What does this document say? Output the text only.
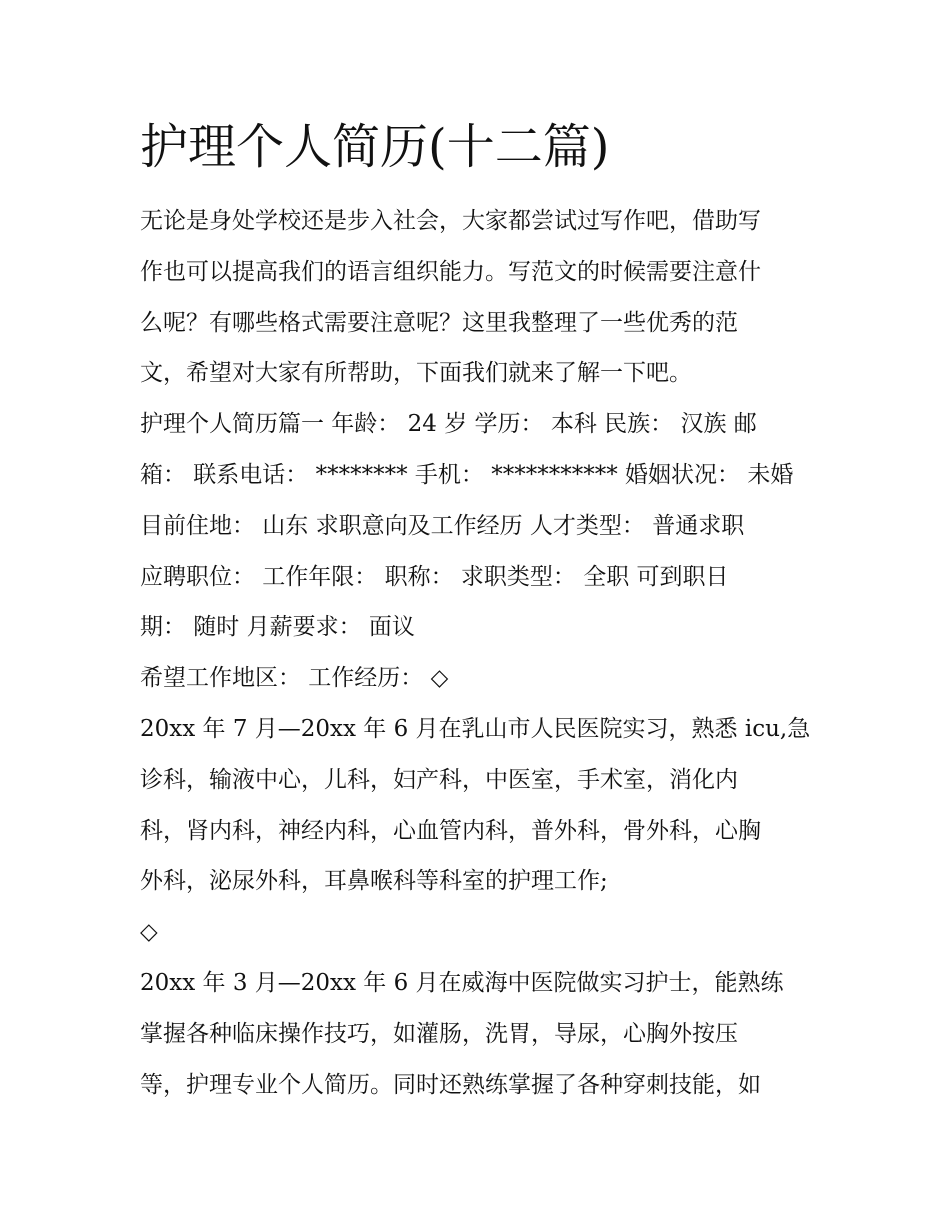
护理个人简历(十二篇)
无论是身处学校还是步入社会，大家都尝试过写作吧，借助写
作也可以提高我们的语言组织能力。写范文的时候需要注意什
么呢？有哪些格式需要注意呢？这里我整理了一些优秀的范
文，希望对大家有所帮助，下面我们就来了解一下吧。
护理个人简历篇一 年龄： 24 岁 学历： 本科 民族： 汉族 邮
箱： 联系电话： ******** 手机： *********** 婚姻状况： 未婚
目前住地： 山东 求职意向及工作经历 人才类型： 普通求职
应聘职位： 工作年限： 职称： 求职类型： 全职 可到职日
期： 随时 月薪要求： 面议
希望工作地区： 工作经历： ◇
20xx 年 7 月—20xx 年 6 月在乳山市人民医院实习，熟悉 icu,急
诊科，输液中心，儿科，妇产科，中医室，手术室，消化内
科，肾内科，神经内科，心血管内科，普外科，骨外科，心胸
外科，泌尿外科，耳鼻喉科等科室的护理工作;
◇
20xx 年 3 月—20xx 年 6 月在威海中医院做实习护士，能熟练
掌握各种临床操作技巧，如灌肠，洗胃，导尿，心胸外按压
等，护理专业个人简历。同时还熟练掌握了各种穿刺技能，如
